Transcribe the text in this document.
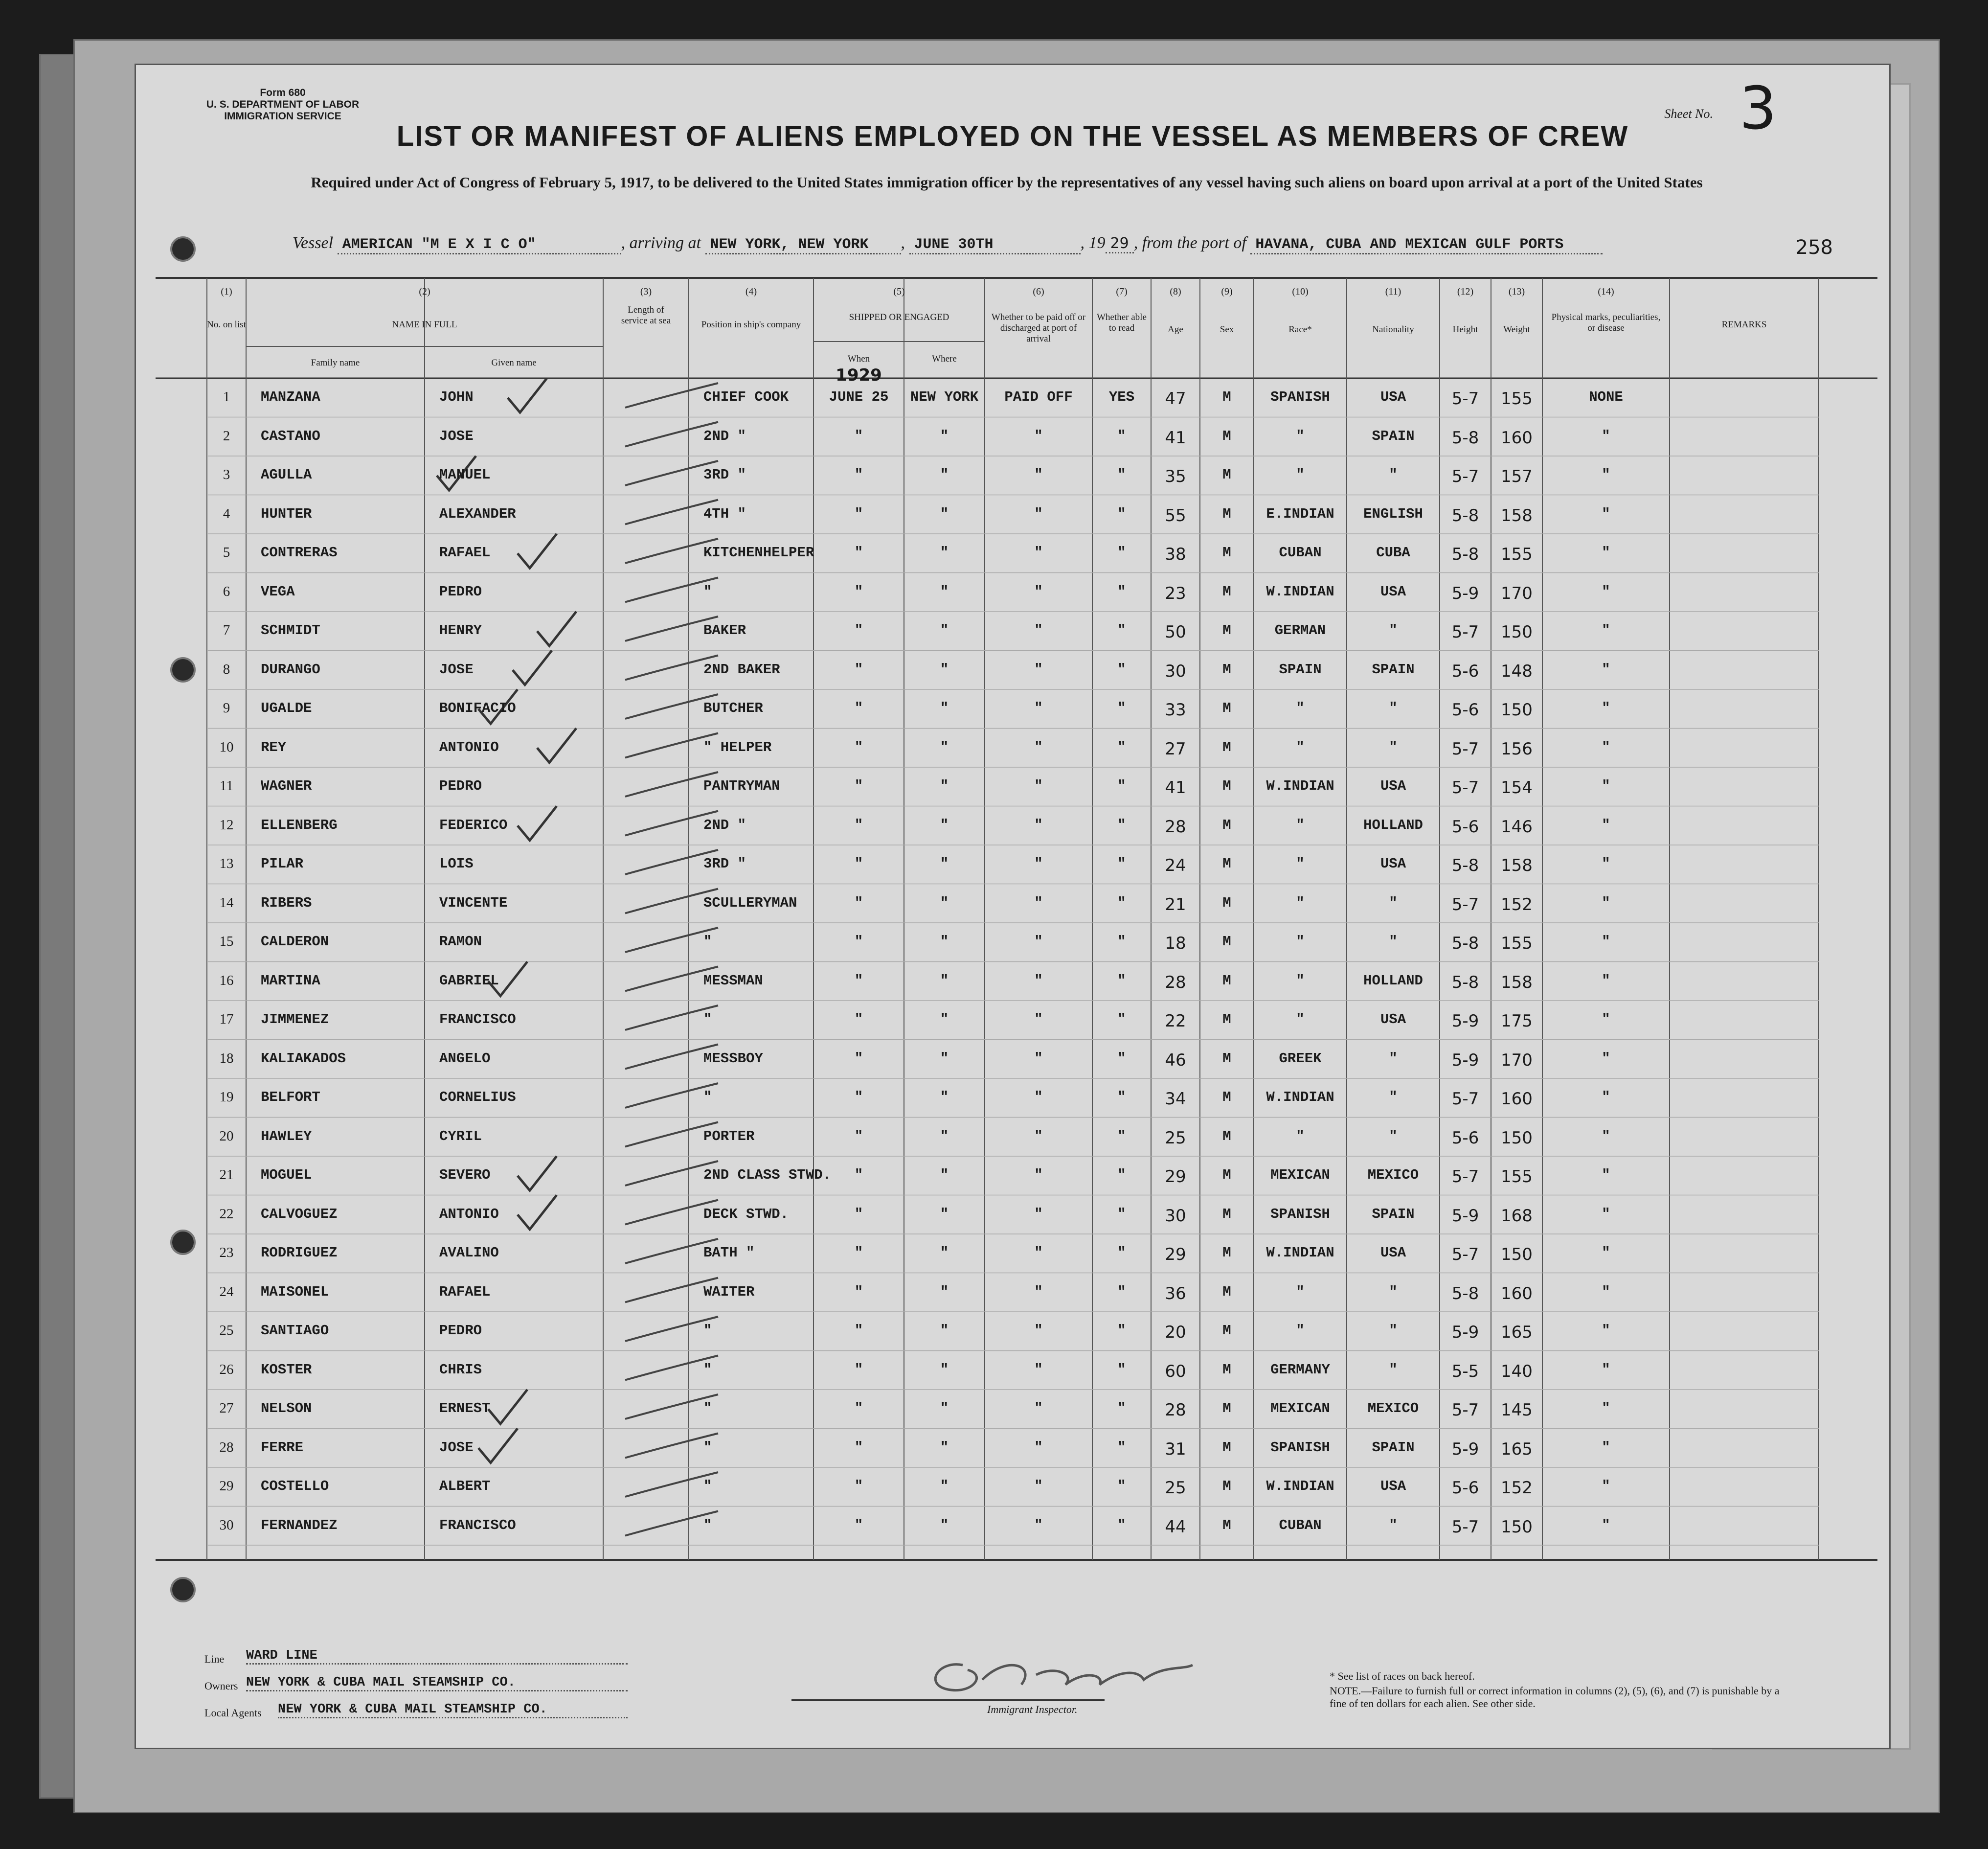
Form 680
U. S. DEPARTMENT OF LABOR
IMMIGRATION SERVICE	Sheet No. 3
LIST OR MANIFEST OF ALIENS EMPLOYED ON THE VESSEL AS MEMBERS OF CREW
Required under Act of Congress of February 5, 1917, to be delivered to the United States immigration officer by the representatives of any vessel having such aliens on board upon arrival at a port of the United States
Vessel AMERICAN "M E X I C O"	, arriving at NEW YORK, NEW YORK , JUNE 30TH	, 19 29 , from the port of HAVANA, CUBA AND MEXICAN GULF PORTS	258
(1)
No. on list
(2)
NAME IN FULL
Family name	Given name
(3)
Length of service at sea
(4)
Position in ship's company
(5)
SHIPPED OR ENGAGED
When	Where
(6)
Whether to be paid off or discharged at port of arrival
(7)
Whether able to read
(8)
Age
(9)
Sex
(10)
Race*
(11)
Nationality
(12)
Height
(13)
Weight
(14)
Physical marks, peculiarities, or disease	REMARKS
1	MANZANA	JOHN	CHIEF COOK	JUNE 25	NEW YORK	PAID OFF	YES	47	M	SPANISH	USA	5-7	155	NONE
1929
2	CASTANO	JOSE	2ND "	"	"	"	"	41	M	"	SPAIN	5-8	160	"
3	AGULLA	MANUEL	3RD "	"	"	"	"	35	M	"	"	5-7	157	"
4	HUNTER	ALEXANDER	4TH "	"	"	"	"	55	M	E.INDIAN	ENGLISH	5-8	158	"
5	CONTRERAS	RAFAEL	KITCHENHELPER	"	"	"	"	38	M	CUBAN	CUBA	5-8	155	"
6	VEGA	PEDRO	"	"	"	"	"	23	M	W.INDIAN	USA	5-9	170	"
7	SCHMIDT	HENRY	BAKER	"	"	"	"	50	M	GERMAN	"	5-7	150	"
8	DURANGO	JOSE	2ND BAKER	"	"	"	"	30	M	SPAIN	SPAIN	5-6	148	"
9	UGALDE	BONIFACIO	BUTCHER	"	"	"	"	33	M	"	"	5-6	150	"
10	REY	ANTONIO	" HELPER	"	"	"	"	27	M	"	"	5-7	156	"
11	WAGNER	PEDRO	PANTRYMAN	"	"	"	"	41	M	W.INDIAN	USA	5-7	154	"
12	ELLENBERG	FEDERICO	2ND "	"	"	"	"	28	M	"	HOLLAND	5-6	146	"
13	PILAR	LOIS	3RD "	"	"	"	"	24	M	"	USA	5-8	158	"
14	RIBERS	VINCENTE	SCULLERYMAN	"	"	"	"	21	M	"	"	5-7	152	"
15	CALDERON	RAMON	"	"	"	"	"	18	M	"	"	5-8	155	"
16	MARTINA	GABRIEL	MESSMAN	"	"	"	"	28	M	"	HOLLAND	5-8	158	"
17	JIMMENEZ	FRANCISCO	"	"	"	"	"	22	M	"	USA	5-9	175	"
18	KALIAKADOS	ANGELO	MESSBOY	"	"	"	"	46	M	GREEK	"	5-9	170	"
19	BELFORT	CORNELIUS	"	"	"	"	"	34	M	W.INDIAN	"	5-7	160	"
20	HAWLEY	CYRIL	PORTER	"	"	"	"	25	M	"	"	5-6	150	"
21	MOGUEL	SEVERO	2ND CLASS STWD.	"	"	"	"	29	M	MEXICAN	MEXICO	5-7	155	"
22	CALVOGUEZ	ANTONIO	DECK STWD.	"	"	"	"	30	M	SPANISH	SPAIN	5-9	168	"
23	RODRIGUEZ	AVALINO	BATH "	"	"	"	"	29	M	W.INDIAN	USA	5-7	150	"
24	MAISONEL	RAFAEL	WAITER	"	"	"	"	36	M	"	"	5-8	160	"
25	SANTIAGO	PEDRO	"	"	"	"	"	20	M	"	"	5-9	165	"
26	KOSTER	CHRIS	"	"	"	"	"	60	M	GERMANY	"	5-5	140	"
27	NELSON	ERNEST	"	"	"	"	"	28	M	MEXICAN	MEXICO	5-7	145	"
28	FERRE	JOSE	"	"	"	"	"	31	M	SPANISH	SPAIN	5-9	165	"
29	COSTELLO	ALBERT	"	"	"	"	"	25	M	W.INDIAN	USA	5-6	152	"
30	FERNANDEZ	FRANCISCO	"	"	"	"	"	44	M	CUBAN	"	5-7	150	"
Line WARD LINE
Owners NEW YORK & CUBA MAIL STEAMSHIP CO.
Local Agents NEW YORK & CUBA MAIL STEAMSHIP CO.	Immigrant Inspector.
* See list of races on back hereof.
NOTE.—Failure to furnish full or correct information in columns (2), (5), (6), and (7) is punishable by a fine of ten dollars for each alien. See other side.
